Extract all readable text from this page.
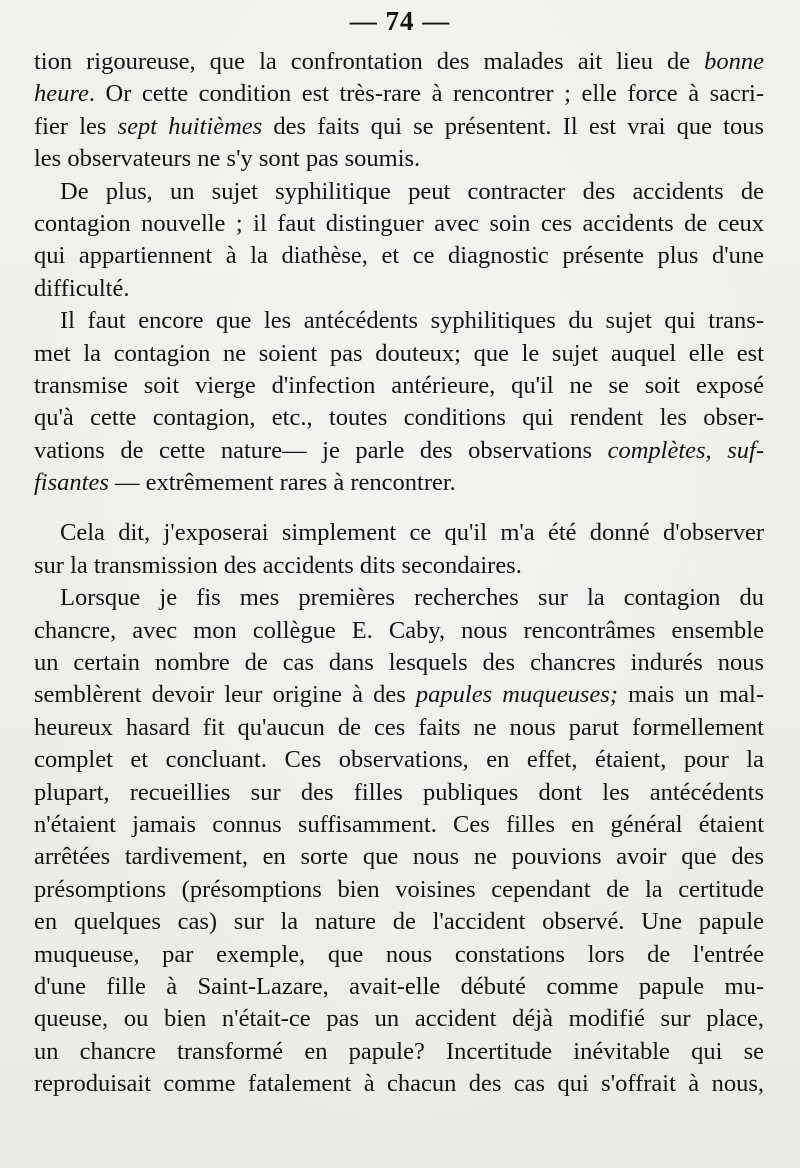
— 74 —
tion rigoureuse, que la confrontation des malades ait lieu de bonne
heure. Or cette condition est très-rare à rencontrer ; elle force à sacri-
fier les sept huitièmes des faits qui se présentent. Il est vrai que tous
les observateurs ne s'y sont pas soumis.
De plus, un sujet syphilitique peut contracter des accidents de
contagion nouvelle ; il faut distinguer avec soin ces accidents de ceux
qui appartiennent à la diathèse, et ce diagnostic présente plus d'une
difficulté.
Il faut encore que les antécédents syphilitiques du sujet qui trans-
met la contagion ne soient pas douteux; que le sujet auquel elle est
transmise soit vierge d'infection antérieure, qu'il ne se soit exposé
qu'à cette contagion, etc., toutes conditions qui rendent les obser-
vations de cette nature— je parle des observations complètes, suf-
fisantes — extrêmement rares à rencontrer.
Cela dit, j'exposerai simplement ce qu'il m'a été donné d'observer
sur la transmission des accidents dits secondaires.
Lorsque je fis mes premières recherches sur la contagion du
chancre, avec mon collègue E. Caby, nous rencontrâmes ensemble
un certain nombre de cas dans lesquels des chancres indurés nous
semblèrent devoir leur origine à des papules muqueuses; mais un mal-
heureux hasard fit qu'aucun de ces faits ne nous parut formellement
complet et concluant. Ces observations, en effet, étaient, pour la
plupart, recueillies sur des filles publiques dont les antécédents
n'étaient jamais connus suffisamment. Ces filles en général étaient
arrêtées tardivement, en sorte que nous ne pouvions avoir que des
présomptions (présomptions bien voisines cependant de la certitude
en quelques cas) sur la nature de l'accident observé. Une papule
muqueuse, par exemple, que nous constations lors de l'entrée
d'une fille à Saint-Lazare, avait-elle débuté comme papule mu-
queuse, ou bien n'était-ce pas un accident déjà modifié sur place,
un chancre transformé en papule? Incertitude inévitable qui se
reproduisait comme fatalement à chacun des cas qui s'offrait à nous,
